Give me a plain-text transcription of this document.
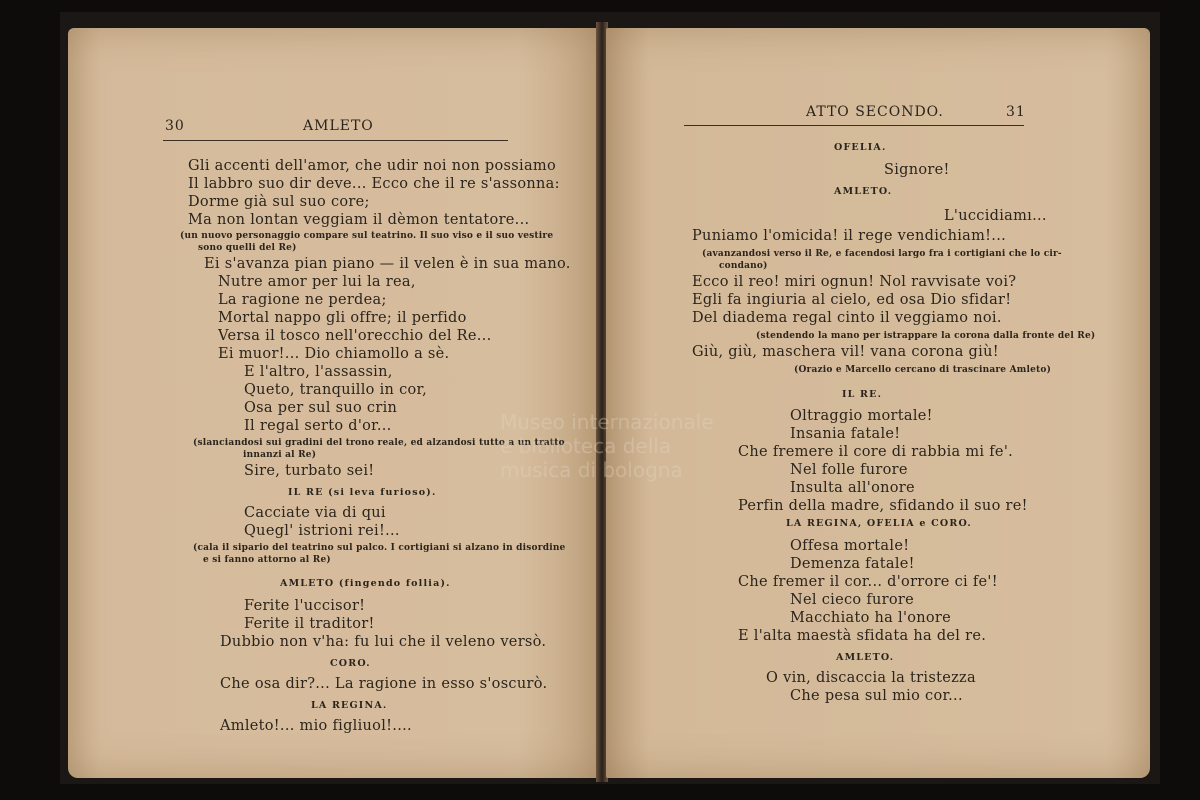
30	AMLETO
Gli accenti dell'amor, che udir noi non possiamo
Il labbro suo dir deve... Ecco che il re s'assonna:
Dorme già sul suo core;
Ma non lontan veggiam il dèmon tentatore...
(un nuovo personaggio compare sul teatrino. Il suo viso e il suo vestire
sono quelli del Re)
Ei s'avanza pian piano — il velen è in sua mano.
Nutre amor per lui la rea,
La ragione ne perdea;
Mortal nappo gli offre; il perfido
Versa il tosco nell'orecchio del Re...
Ei muor!... Dio chiamollo a sè.
E l'altro, l'assassin,
Queto, tranquillo in cor,
Osa per sul suo crin
Il regal serto d'or...
(slanciandosi sui gradini del trono reale, ed alzandosi tutto a un tratto
innanzi al Re)
Sire, turbato sei!
IL RE (si leva furioso).
Cacciate via di qui
Quegl' istrioni rei!...
(cala il sipario del teatrino sul palco. I cortigiani si alzano in disordine
e si fanno attorno al Re)
AMLETO (fingendo follia).
Ferite l'uccisor!
Ferite il traditor!
Dubbio non v'ha: fu lui che il veleno versò.
CORO.
Che osa dir?... La ragione in esso s'oscurò.
LA REGINA.
Amleto!... mio figliuol!....
ATTO SECONDO.	31
OFELIA.
Signore!
AMLETO.
L'uccidiamı...
Puniamo l'omicida! il rege vendichiam!...
(avanzandosi verso il Re, e facendosi largo fra i cortigiani che lo cir-
condano)
Ecco il reo! miri ognun! Nol ravvisate voi?
Egli fa ingiuria al cielo, ed osa Dio sfidar!
Del diadema regal cinto il veggiamo noi.
(stendendo la mano per istrappare la corona dalla fronte del Re)
Giù, giù, maschera vil! vana corona giù!
(Orazio e Marcello cercano di trascinare Amleto)
IL RE.
Oltraggio mortale!
Insania fatale!
Che fremere il core di rabbia mi fe'.
Nel folle furore
Insulta all'onore
Perfin della madre, sfidando il suo re!
LA REGINA, OFELIA e CORO.
Offesa mortale!
Demenza fatale!
Che fremer il cor... d'orrore ci fe'!
Nel cieco furore
Macchiato ha l'onore
E l'alta maestà sfidata ha del re.
AMLETO.
O vin, discaccia la tristezza
Che pesa sul mio cor...
Museo internazionale
e biblioteca della
musica di bologna
